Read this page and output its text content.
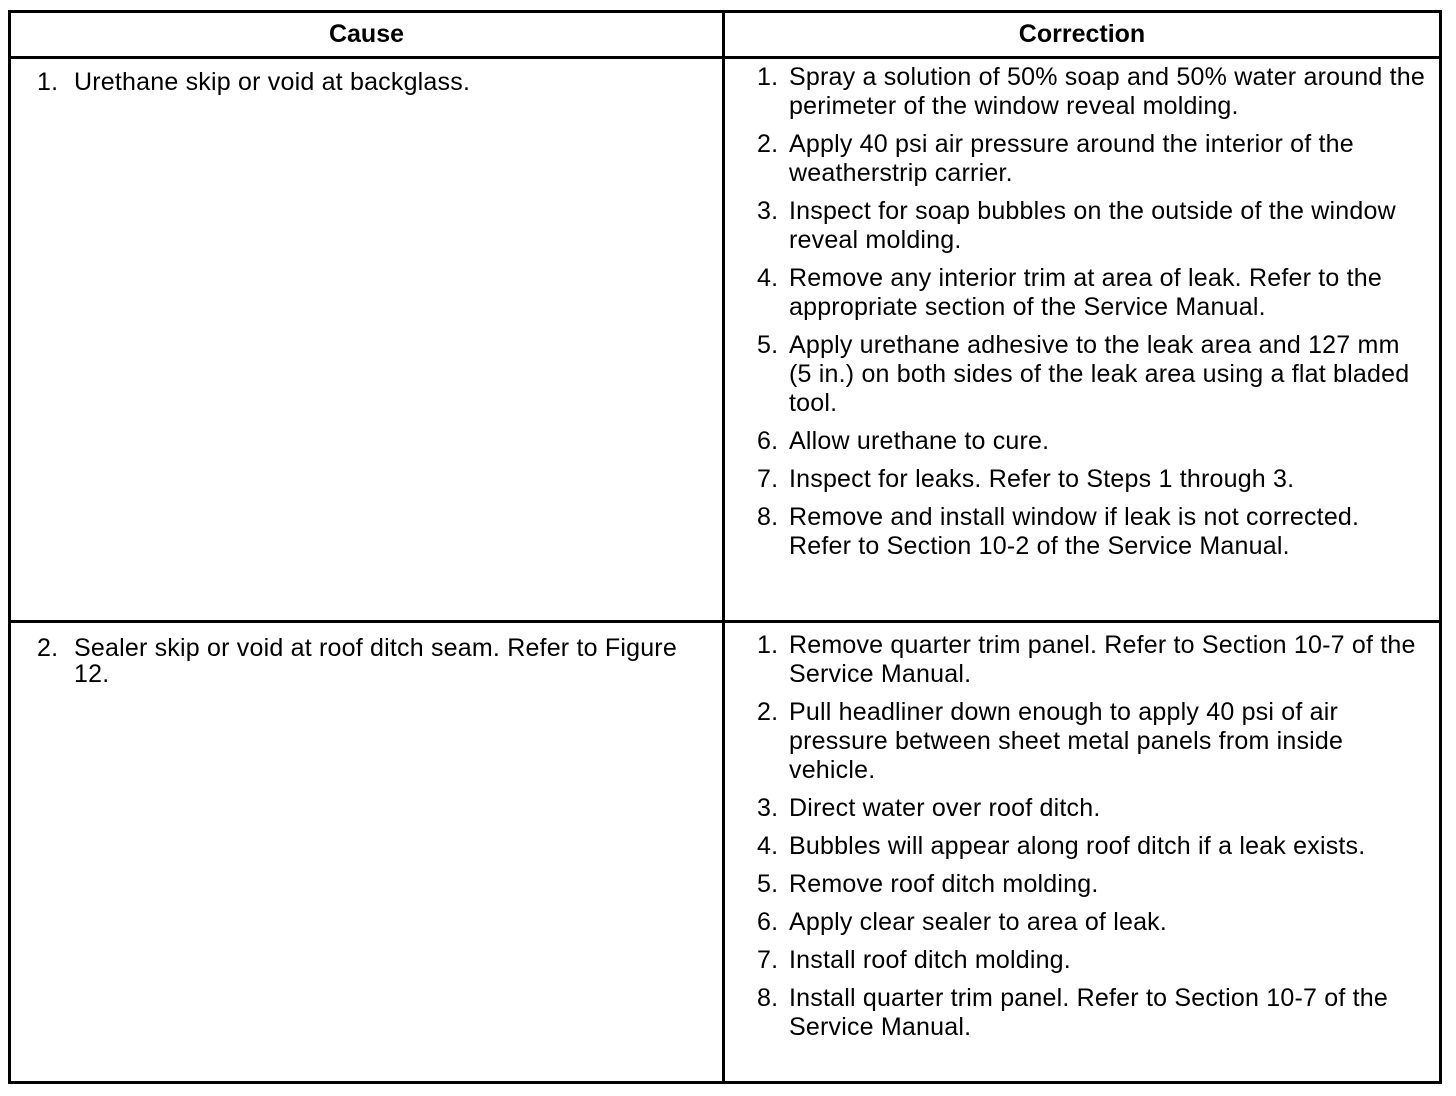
Cause	Correction
1. Urethane skip or void at backglass.	1. Spray a solution of 50% soap and 50% water around the perimeter of the window reveal molding.
2. Apply 40 psi air pressure around the interior of the weatherstrip carrier.
3. Inspect for soap bubbles on the outside of the window reveal molding.
4. Remove any interior trim at area of leak. Refer to the appropriate section of the Service Manual.
5. Apply urethane adhesive to the leak area and 127 mm (5 in.) on both sides of the leak area using a flat bladed tool.
6. Allow urethane to cure.
7. Inspect for leaks. Refer to Steps 1 through 3.
8. Remove and install window if leak is not corrected. Refer to Section 10-2 of the Service Manual.
2. Sealer skip or void at roof ditch seam. Refer to Figure 12.
1. Remove quarter trim panel. Refer to Section 10-7 of the Service Manual.
2. Pull headliner down enough to apply 40 psi of air pressure between sheet metal panels from inside vehicle.
3. Direct water over roof ditch.
4. Bubbles will appear along roof ditch if a leak exists.
5. Remove roof ditch molding.
6. Apply clear sealer to area of leak.
7. Install roof ditch molding.
8. Install quarter trim panel. Refer to Section 10-7 of the Service Manual.
